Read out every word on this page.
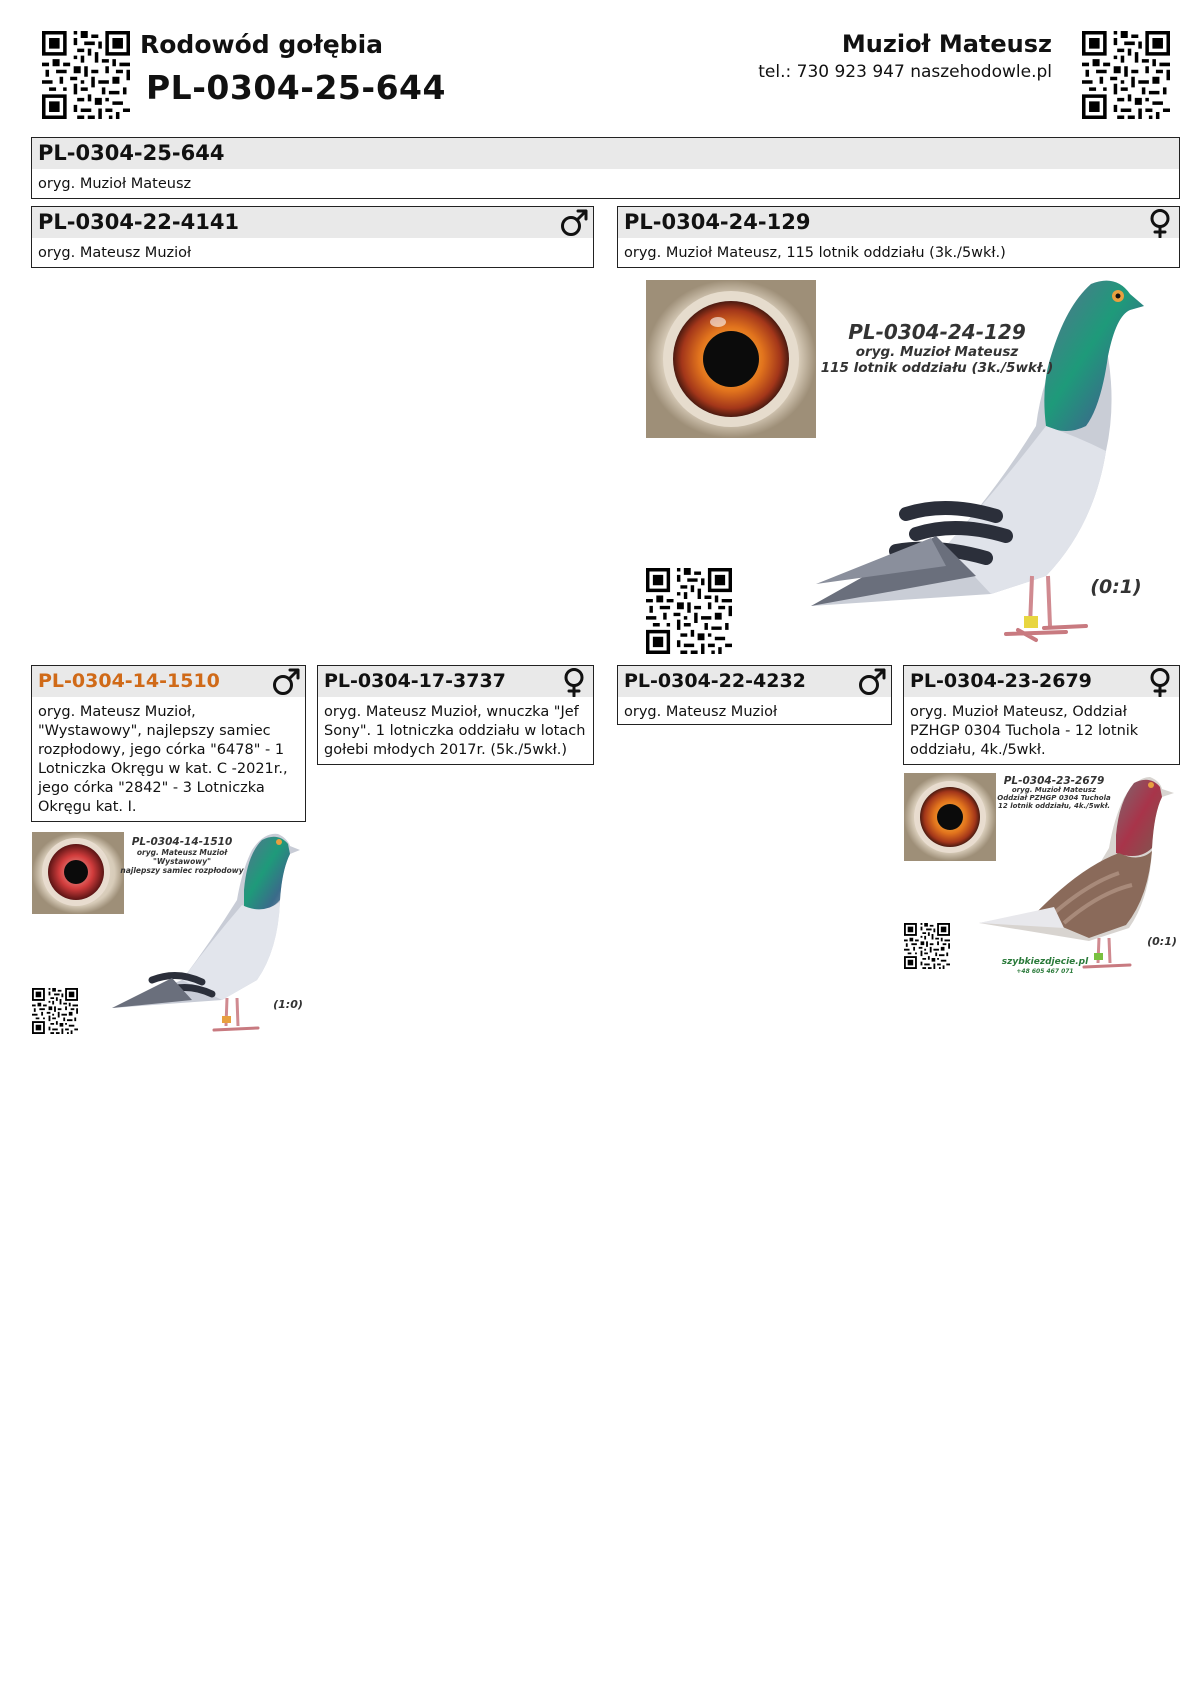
Rodowód gołębia
PL-0304-25-644
Muzioł Mateusz
tel.: 730 923 947 naszehodowle.pl
PL-0304-25-644
oryg. Muzioł Mateusz
PL-0304-22-4141
oryg. Mateusz Muzioł
PL-0304-24-129
oryg. Muzioł Mateusz, 115 lotnik oddziału (3k./5wkł.)
PL-0304-24-129
oryg. Muzioł Mateusz
115 lotnik oddziału (3k./5wkł.)
(0:1)
PL-0304-14-1510
oryg. Mateusz Muzioł, "Wystawowy", najlepszy samiec rozpłodowy, jego córka "6478" - 1 Lotniczka Okręgu w kat. C -2021r., jego córka "2842" - 3 Lotniczka Okręgu kat. I.
PL-0304-17-3737
oryg. Mateusz Muzioł, wnuczka "Jef Sony". 1 lotniczka oddziału w lotach gołebi młodych 2017r. (5k./5wkł.)
PL-0304-22-4232
oryg. Mateusz Muzioł
PL-0304-23-2679
oryg. Muzioł Mateusz, Oddział PZHGP 0304 Tuchola - 12 lotnik oddziału, 4k./5wkł.
PL-0304-14-1510
oryg. Mateusz Muzioł
"Wystawowy"
najlepszy samiec rozpłodowy
(1:0)
PL-0304-23-2679
oryg. Muzioł Mateusz
Oddział PZHGP 0304 Tuchola
12 lotnik oddziału, 4k./5wkł.
(0:1)
szybkiezdjecie.pl
+48 605 467 071
